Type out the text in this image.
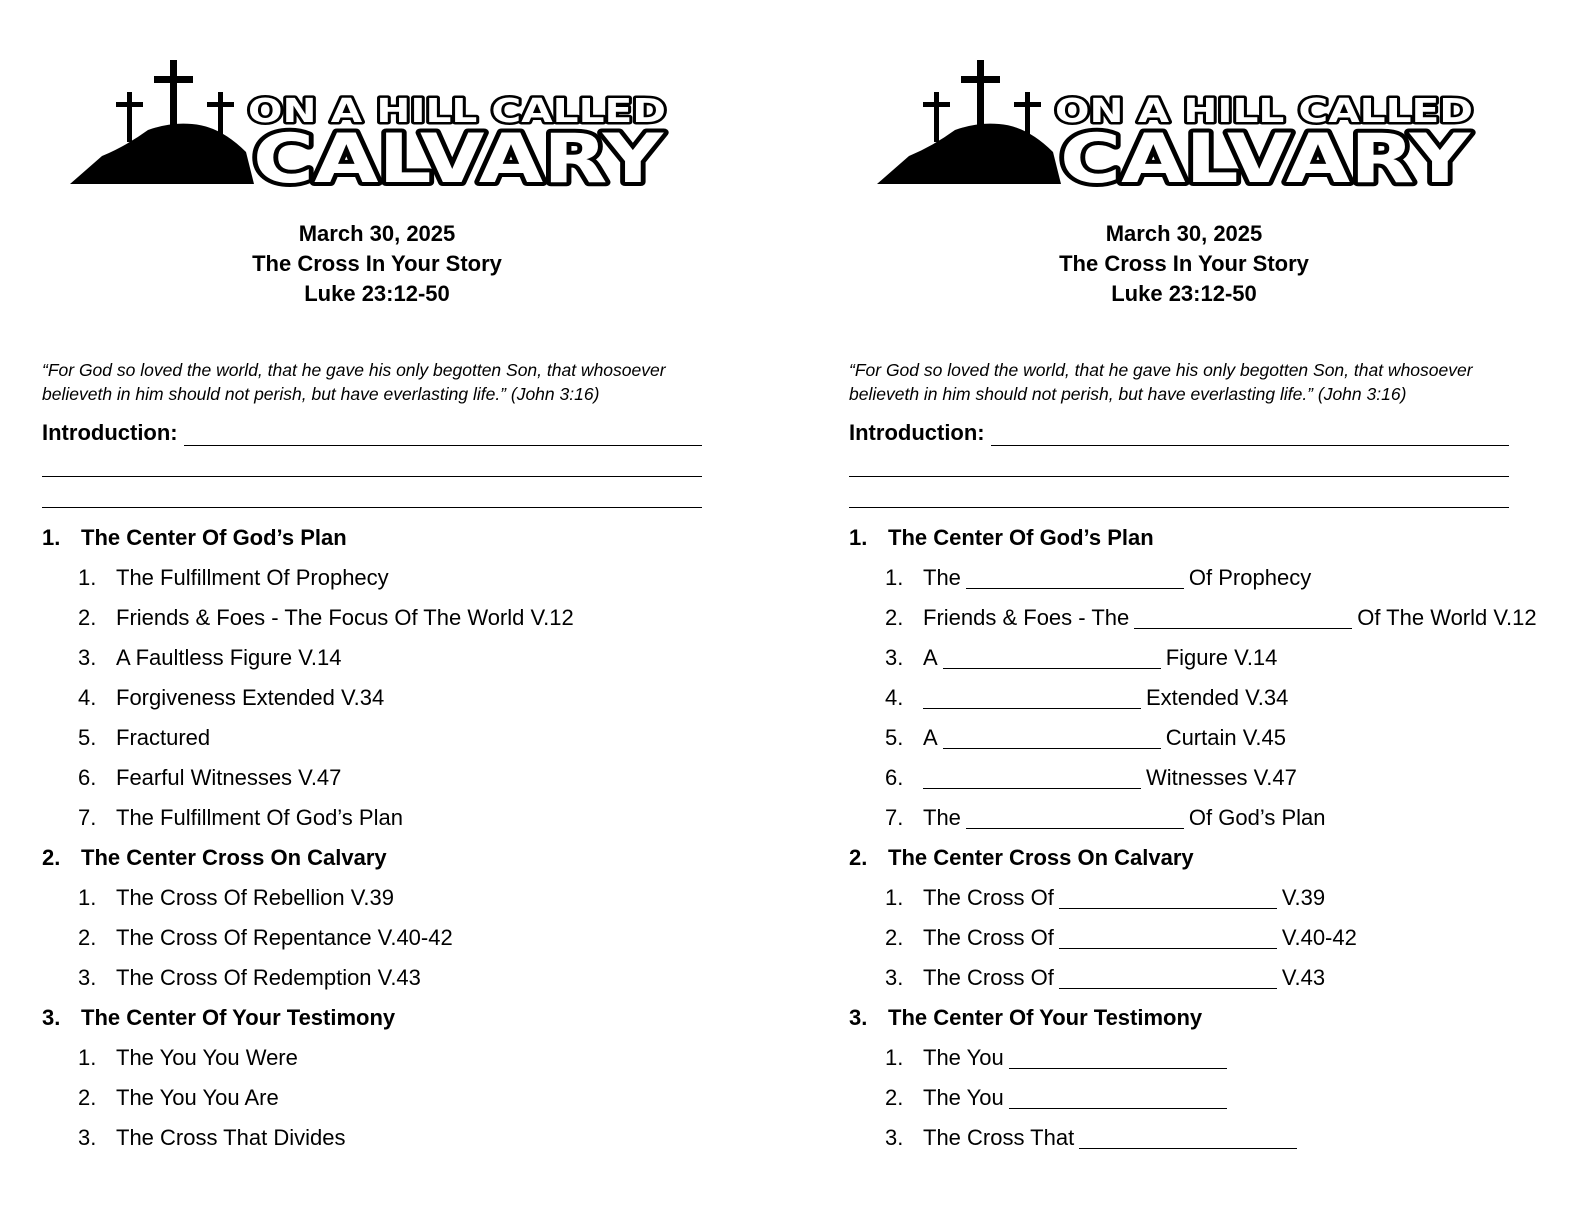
ON A HILL CALLED
CALVARY
March 30, 2025
The Cross In Your Story
Luke 23:12-50
“For God so loved the world, that he gave his only begotten Son, that whosoever believeth in him should not perish, but have everlasting life.” (John 3:16)
Introduction:
1. The Center Of God’s Plan
1. The Fulfillment Of Prophecy
2. Friends & Foes - The Focus Of The World V.12
3. A Faultless Figure V.14
4. Forgiveness Extended V.34
5. Fractured
6. Fearful Witnesses V.47
7. The Fulfillment Of God’s Plan
2. The Center Cross On Calvary
1. The Cross Of Rebellion V.39
2. The Cross Of Repentance V.40-42
3. The Cross Of Redemption V.43
3. The Center Of Your Testimony
1. The You You Were
2. The You You Are
3. The Cross That Divides
ON A HILL CALLED
CALVARY
March 30, 2025
The Cross In Your Story
Luke 23:12-50
“For God so loved the world, that he gave his only begotten Son, that whosoever believeth in him should not perish, but have everlasting life.” (John 3:16)
Introduction:
1. The Center Of God’s Plan
1. The	Of Prophecy
2. Friends & Foes - The	Of The World V.12
3. A	Figure V.14
4.	Extended V.34
5. A	Curtain V.45
6.	Witnesses V.47
7. The	Of God’s Plan
2. The Center Cross On Calvary
1. The Cross Of	V.39
2. The Cross Of	V.40-42
3. The Cross Of	V.43
3. The Center Of Your Testimony
1. The You
2. The You
3. The Cross That
